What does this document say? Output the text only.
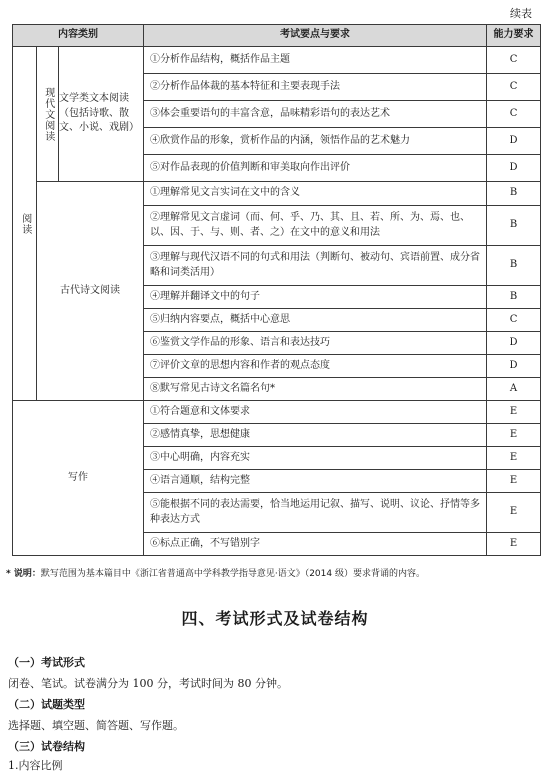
续表
内容类别			考试要点与要求	能力要求

阅读	现代文阅读	文学类文本阅读（包括诗歌、散文、小说、戏剧）	①分析作品结构，概括作品主题	C
			②分析作品体裁的基本特征和主要表现手法	C
			③体会重要语句的丰富含意，品味精彩语句的表达艺术	C
			④欣赏作品的形象，赏析作品的内涵，领悟作品的艺术魅力	D
			⑤对作品表现的价值判断和审美取向作出评价	D
	古代诗文阅读		①理解常见文言实词在文中的含义	B
			②理解常见文言虚词（而、何、乎、乃、其、且、若、所、为、焉、也、以、因、于、与、则、者、之）在文中的意义和用法	B
			③理解与现代汉语不同的句式和用法（判断句、被动句、宾语前置、成分省略和词类活用）	B
			④理解并翻译文中的句子	B
			⑤归纳内容要点，概括中心意思	C
			⑥鉴赏文学作品的形象、语言和表达技巧	D
			⑦评价文章的思想内容和作者的观点态度	D
			⑧默写常见古诗文名篇名句*	A
写作			①符合题意和文体要求	E
			②感情真挚，思想健康	E
			③中心明确，内容充实	E
			④语言通顺，结构完整	E
			⑤能根据不同的表达需要，恰当地运用记叙、描写、说明、议论、抒情等多种表达方式	E
			⑥标点正确，不写错别字	E
* 说明：默写范围为基本篇目中《浙江省普通高中学科教学指导意见·语文》（2014 级）要求背诵的内容。
四、考试形式及试卷结构
（一）考试形式
闭卷、笔试。试卷满分为 100 分，考试时间为 80 分钟。
（二）试题类型
选择题、填空题、简答题、写作题。
（三）试卷结构
1.内容比例
